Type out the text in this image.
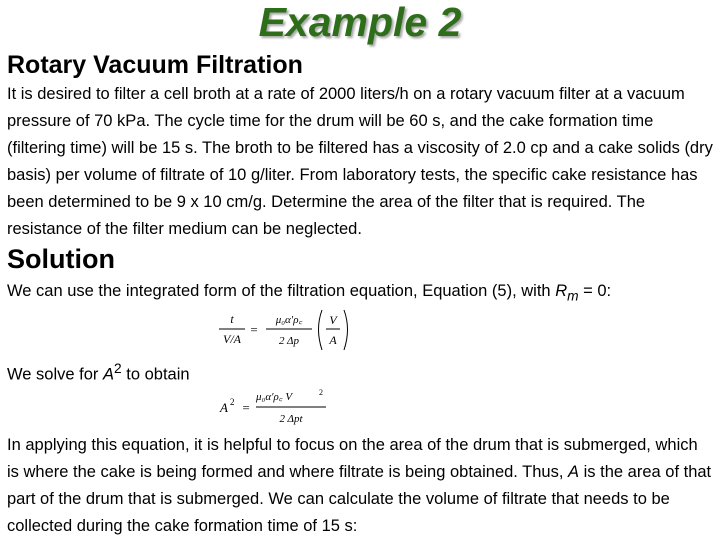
Example 2
Rotary Vacuum Filtration

It is desired to filter a cell broth at a rate of 2000 liters/h on a rotary vacuum filter at a vacuum pressure of 70 kPa. The cycle time for the drum will be 60 s, and the cake formation time (filtering time) will be 15 s. The broth to be filtered has a viscosity of 2.0 cp and a cake solids (dry basis) per volume of filtrate of 10 g/liter. From laboratory tests, the specific cake resistance has been determined to be 9 x 10 cm/g. Determine the area of the filter that is required. The resistance of the filter medium can be neglected.

Solution

We can use the integrated form of the filtration equation, Equation (5), with $R_m = 0$:

t
V/A
=
μ₀α′ρ꜀
2 Δp
V
A

We solve for $A^2$ to obtain

A 2 =
μ₀α′ρ꜀ V	2
2 Δpt

In applying this equation, it is helpful to focus on the area of the drum that is submerged, which is where the cake is being formed and where filtrate is being obtained. Thus, A is the area of that part of the drum that is submerged. We can calculate the volume of filtrate that needs to be collected during the cake formation time of 15 s:
